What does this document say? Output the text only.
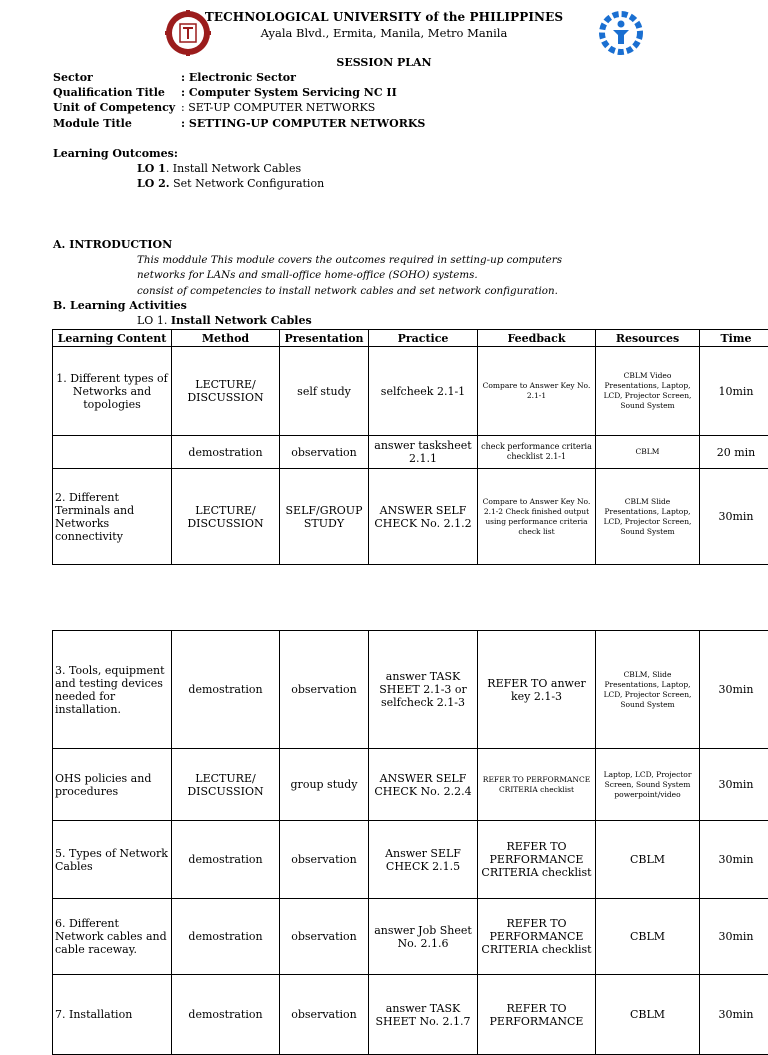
TECHNOLOGICAL UNIVERSITY of the PHILIPPINES
Ayala Blvd., Ermita, Manila, Metro Manila
SESSION PLAN
Sector	: Electronic Sector
Qualification Title : Computer System Servicing NC II
Unit of Competency : SET-UP COMPUTER NETWORKS
Module Title	: SETTING-UP COMPUTER NETWORKS
Learning Outcomes:
LO 1. Install Network Cables
LO 2. Set Network Configuration
A. INTRODUCTION
This moddule This module covers the outcomes required in setting-up computers
networks for LANs and small-office home-office (SOHO) systems.
consist of competencies to install network cables and set network configuration.
B. Learning Activities
LO 1. Install Network Cables
Learning Content	Method	Presentation	Practice	Feedback	Resources	Time
1. Different types of Networks and topologies	LECTURE/ DISCUSSION	self study	selfcheek 2.1-1	Compare to Answer Key No. 2.1-1	CBLM Video Presentations, Laptop, LCD, Projector Screen, Sound System	10min
	demostration	observation	answer tasksheet 2.1.1	check performance criteria checklist 2.1-1	CBLM	20 min
2. Different Terminals and Networks connectivity	LECTURE/ DISCUSSION	SELF/GROUP STUDY	ANSWER SELF CHECK No. 2.1.2	Compare to Answer Key No. 2.1-2 Check finished output using performance criteria check list	CBLM Slide Presentations, Laptop, LCD, Projector Screen, Sound System	30min
3. Tools, equipment and testing devices needed for installation.	demostration	observation	answer TASK SHEET 2.1-3 or selfcheck 2.1-3	REFER TO anwer key 2.1-3	CBLM, Slide Presentations, Laptop, LCD, Projector Screen, Sound System	30min
OHS policies and procedures	LECTURE/ DISCUSSION	group study	ANSWER SELF CHECK No. 2.2.4	REFER TO PERFORMANCE CRITERIA checklist	Laptop, LCD, Projector Screen, Sound System powerpoint/video	30min
5. Types of Network Cables	demostration	observation	Answer SELF CHECK 2.1.5	REFER TO PERFORMANCE CRITERIA checklist	CBLM	30min
6. Different Network cables and cable raceway.	demostration	observation	answer Job Sheet No. 2.1.6	REFER TO PERFORMANCE CRITERIA checklist	CBLM	30min
7. Installation	demostration	observation	answer TASK SHEET No. 2.1.7	REFER TO PERFORMANCE	CBLM	30min
